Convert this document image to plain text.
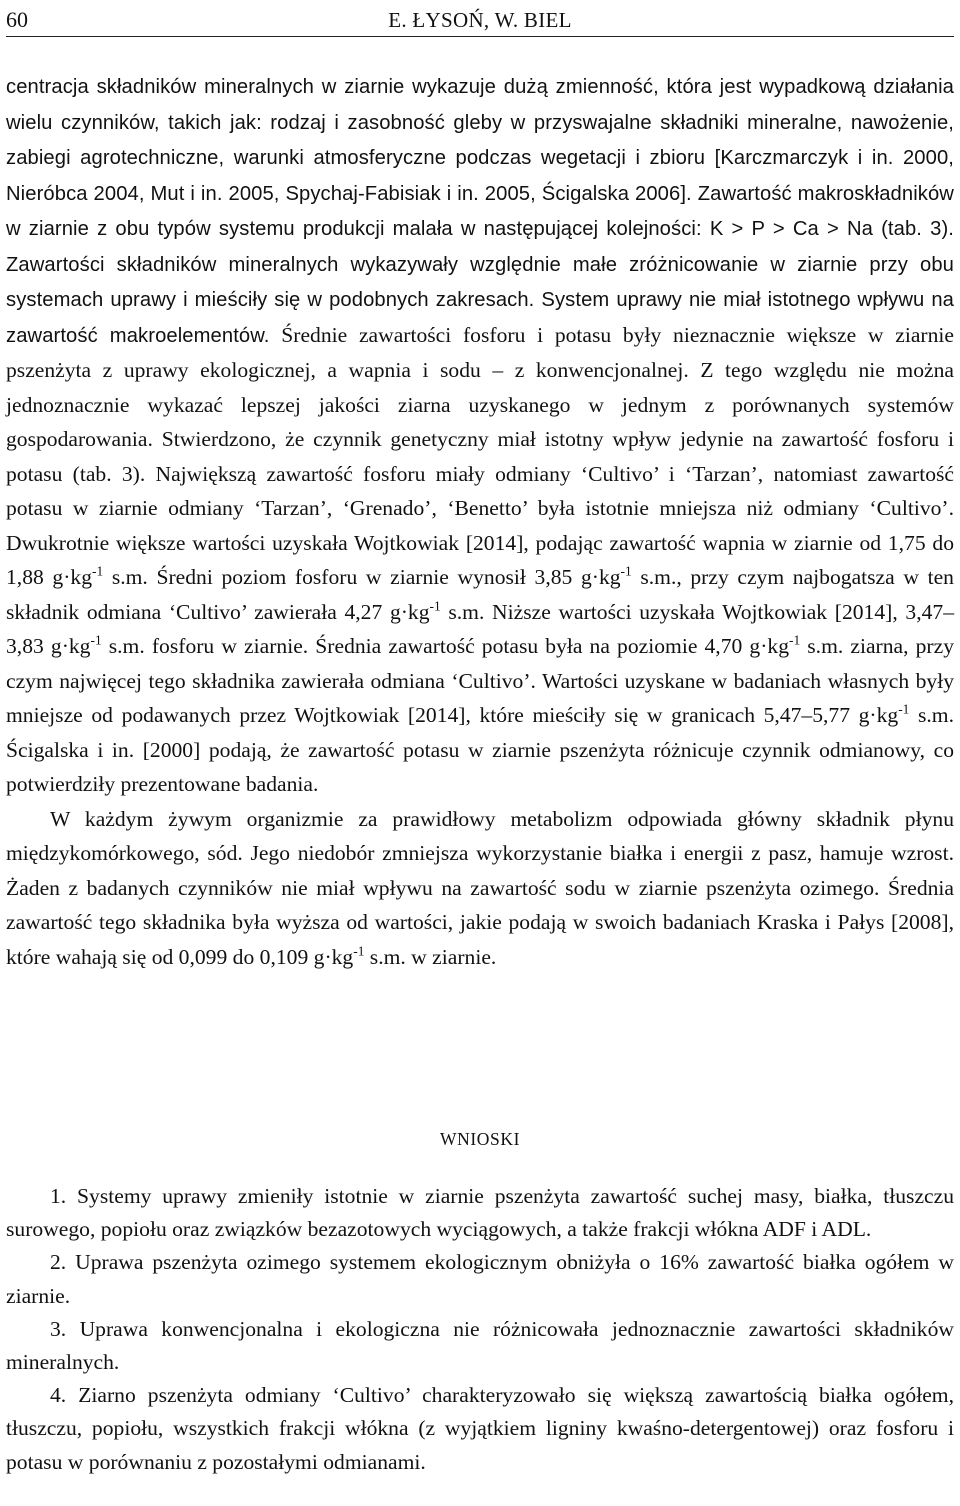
60	E. ŁYSOŃ, W. BIEL

centracja składników mineralnych w ziarnie wykazuje dużą zmienność, która jest wypadkową działania wielu czynników, takich jak: rodzaj i zasobność gleby w przyswajalne składniki mineralne, nawożenie, zabiegi agrotechniczne, warunki atmosferyczne podczas wegetacji i zbioru [Karczmarczyk i in. 2000, Nieróbca 2004, Mut i in. 2005, Spychaj-Fabisiak i in. 2005, Ścigalska 2006]. Zawartość makroskładników w ziarnie z obu typów systemu produkcji malała w następującej kolejności: K > P > Ca > Na (tab. 3). Zawartości składników mineralnych wykazywały względnie małe zróżnicowanie w ziarnie przy obu systemach uprawy i mieściły się w podobnych zakresach. System uprawy nie miał istotnego wpływu na zawartość makroelementów. Średnie zawartości fosforu i potasu były nieznacznie większe w ziarnie pszenżyta z uprawy ekologicznej, a wapnia i sodu – z konwencjonalnej. Z tego względu nie można jednoznacznie wykazać lepszej jakości ziarna uzyskanego w jednym z porównanych systemów gospodarowania. Stwierdzono, że czynnik genetyczny miał istotny wpływ jedynie na zawartość fosforu i potasu (tab. 3). Największą zawartość fosforu miały odmiany ‘Cultivo’ i ‘Tarzan’, natomiast zawartość potasu w ziarnie odmiany ‘Tarzan’, ‘Grenado’, ‘Benetto’ była istotnie mniejsza niż odmiany ‘Cultivo’. Dwukrotnie większe wartości uzyskała Wojtkowiak [2014], podając zawartość wapnia w ziarnie od 1,75 do 1,88 $g\cdot kg^{-1}$ s.m. Średni poziom fosforu w ziarnie wynosił 3,85 $g\cdot kg^{-1}$ s.m., przy czym najbogatsza w ten składnik odmiana ‘Cultivo’ zawierała 4,27 $g\cdot kg^{-1}$ s.m. Niższe wartości uzyskała Wojtkowiak [2014], 3,47–3,83 $g\cdot kg^{-1}$ s.m. fosforu w ziarnie. Średnia zawartość potasu była na poziomie 4,70 $g\cdot kg^{-1}$ s.m. ziarna, przy czym najwięcej tego składnika zawierała odmiana ‘Cultivo’. Wartości uzyskane w badaniach własnych były mniejsze od podawanych przez Wojtkowiak [2014], które mieściły się w granicach 5,47–5,77 $g\cdot kg^{-1}$ s.m. Ścigalska i in. [2000] podają, że zawartość potasu w ziarnie pszenżyta różnicuje czynnik odmianowy, co potwierdziły prezentowane badania.

W każdym żywym organizmie za prawidłowy metabolizm odpowiada główny składnik płynu międzykomórkowego, sód. Jego niedobór zmniejsza wykorzystanie białka i energii z pasz, hamuje wzrost. Żaden z badanych czynników nie miał wpływu na zawartość sodu w ziarnie pszenżyta ozimego. Średnia zawartość tego składnika była wyższa od wartości, jakie podają w swoich badaniach Kraska i Pałys [2008], które wahają się od 0,099 do 0,109 $g\cdot kg^{-1}$ s.m. w ziarnie.

WNIOSKI

1. Systemy uprawy zmieniły istotnie w ziarnie pszenżyta zawartość suchej masy, białka, tłuszczu surowego, popiołu oraz związków bezazotowych wyciągowych, a także frakcji włókna ADF i ADL.

2. Uprawa pszenżyta ozimego systemem ekologicznym obniżyła o 16% zawartość białka ogółem w ziarnie.

3. Uprawa konwencjonalna i ekologiczna nie różnicowała jednoznacznie zawartości składników mineralnych.

4. Ziarno pszenżyta odmiany ‘Cultivo’ charakteryzowało się większą zawartością białka ogółem, tłuszczu, popiołu, wszystkich frakcji włókna (z wyjątkiem ligniny kwaśno-detergentowej) oraz fosforu i potasu w porównaniu z pozostałymi odmianami.
